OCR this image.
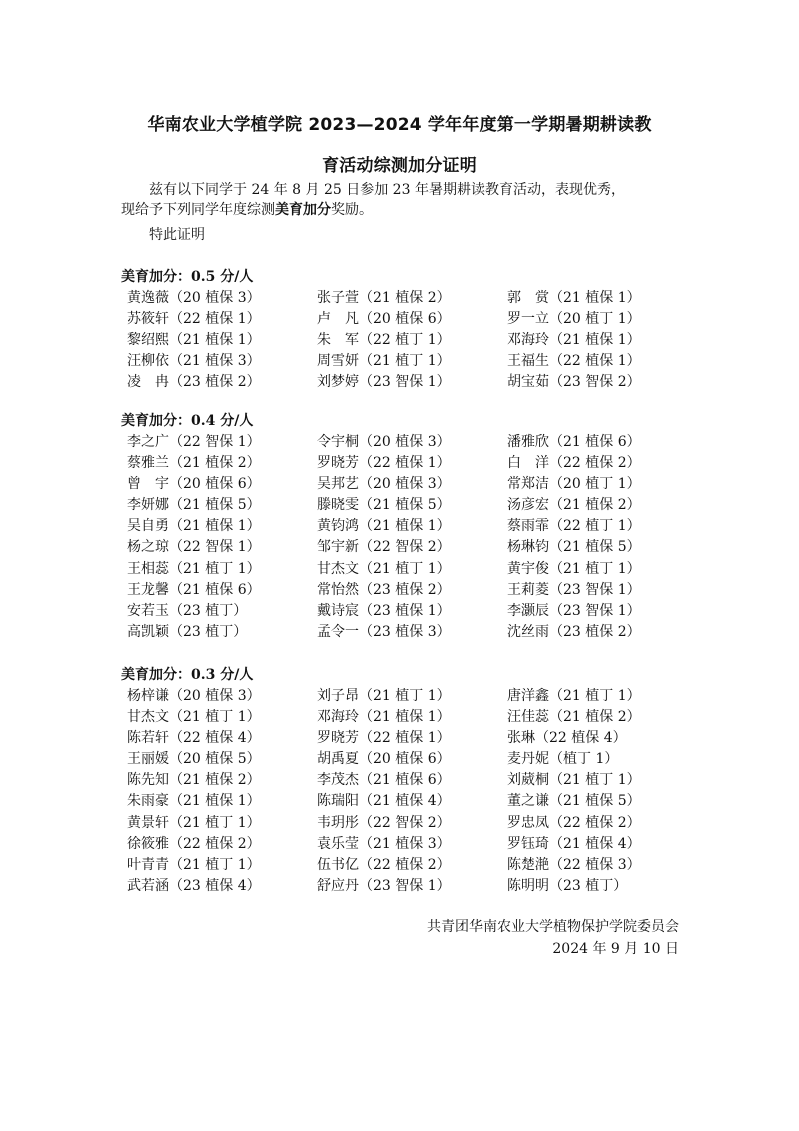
华南农业大学植学院 2023—2024 学年年度第一学期暑期耕读教
育活动综测加分证明
兹有以下同学于 24 年 8 月 25 日参加 23 年暑期耕读教育活动，表现优秀，
现给予下列同学年度综测美育加分奖励。
特此证明
美育加分：0.5 分/人
黄逸薇（20 植保 3）	张子萱（21 植保 2）	郭　赏（21 植保 1）
苏筱轩（22 植保 1）	卢　凡（20 植保 6）	罗一立（20 植丁 1）
黎绍熙（21 植保 1）	朱　军（22 植丁 1）	邓海玲（21 植保 1）
汪柳依（21 植保 3）	周雪妍（21 植丁 1）	王福生（22 植保 1）
凌　冉（23 植保 2）	刘梦婷（23 智保 1）	胡宝茹（23 智保 2）
美育加分：0.4 分/人
李之广（22 智保 1）	令宇桐（20 植保 3）	潘雅欣（21 植保 6）
蔡雅兰（21 植保 2）	罗晓芳（22 植保 1）	白　洋（22 植保 2）
曾　宇（20 植保 6）	吴邦艺（20 植保 3）	常郑洁（20 植丁 1）
李妍娜（21 植保 5）	滕晓雯（21 植保 5）	汤彦宏（21 植保 2）
吴自勇（21 植保 1）	黄钧鸿（21 植保 1）	蔡雨霏（22 植丁 1）
杨之琼（22 智保 1）	邹宇新（22 智保 2）	杨琳钧（21 植保 5）
王相蕊（21 植丁 1）	甘杰文（21 植丁 1）	黄宇俊（21 植丁 1）
王龙馨（21 植保 6）	常怡然（23 植保 2）	王莉菱（23 智保 1）
安若玉（23 植丁）	戴诗宸（23 植保 1）	李灏辰（23 智保 1）
高凯颖（23 植丁）	孟令一（23 植保 3）	沈丝雨（23 植保 2）
美育加分：0.3 分/人
杨梓谦（20 植保 3）	刘子昂（21 植丁 1）	唐洋鑫（21 植丁 1）
甘杰文（21 植丁 1）	邓海玲（21 植保 1）	汪佳蕊（21 植保 2）
陈若轩（22 植保 4）	罗晓芳（22 植保 1）	张琳（22 植保 4）
王丽媛（20 植保 5）	胡禹夏（20 植保 6）	麦丹妮（植丁 1）
陈先知（21 植保 2）	李茂杰（21 植保 6）	刘葳桐（21 植丁 1）
朱雨豪（21 植保 1）	陈瑞阳（21 植保 4）	董之谦（21 植保 5）
黄景轩（21 植丁 1）	韦玥彤（22 智保 2）	罗忠凤（22 植保 2）
徐筱雅（22 植保 2）	袁乐莹（21 植保 3）	罗钰琦（21 植保 4）
叶青青（21 植丁 1）	伍书亿（22 植保 2）	陈楚滟（22 植保 3）
武若涵（23 植保 4）	舒应丹（23 智保 1）	陈明明（23 植丁）
共青团华南农业大学植物保护学院委员会
2024 年 9 月 10 日
